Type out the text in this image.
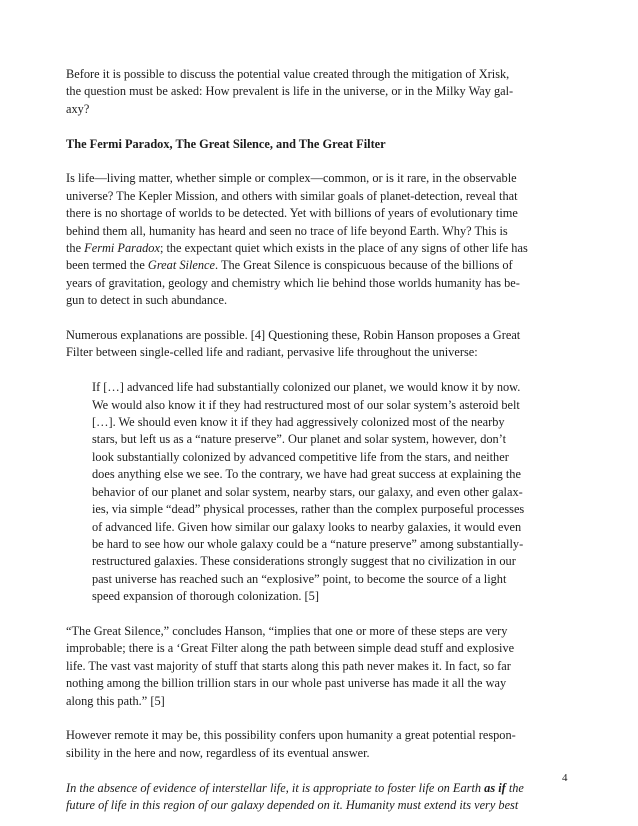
Before it is possible to discuss the potential value created through the mitigation of Xrisk,
the question must be asked: How prevalent is life in the universe, or in the Milky Way gal-
axy?
The Fermi Paradox, The Great Silence, and The Great Filter
Is life—living matter, whether simple or complex—common, or is it rare, in the observable
universe? The Kepler Mission, and others with similar goals of planet-detection, reveal that
there is no shortage of worlds to be detected. Yet with billions of years of evolutionary time
behind them all, humanity has heard and seen no trace of life beyond Earth. Why? This is
the Fermi Paradox; the expectant quiet which exists in the place of any signs of other life has
been termed the Great Silence. The Great Silence is conspicuous because of the billions of
years of gravitation, geology and chemistry which lie behind those worlds humanity has be-
gun to detect in such abundance.
Numerous explanations are possible. [4] Questioning these, Robin Hanson proposes a Great
Filter between single-celled life and radiant, pervasive life throughout the universe:
If […] advanced life had substantially colonized our planet, we would know it by now.
We would also know it if they had restructured most of our solar system’s asteroid belt
[…]. We should even know it if they had aggressively colonized most of the nearby
stars, but left us as a “nature preserve”. Our planet and solar system, however, don’t
look substantially colonized by advanced competitive life from the stars, and neither
does anything else we see. To the contrary, we have had great success at explaining the
behavior of our planet and solar system, nearby stars, our galaxy, and even other galax-
ies, via simple “dead” physical processes, rather than the complex purposeful processes
of advanced life. Given how similar our galaxy looks to nearby galaxies, it would even
be hard to see how our whole galaxy could be a “nature preserve” among substantially-
restructured galaxies. These considerations strongly suggest that no civilization in our
past universe has reached such an “explosive” point, to become the source of a light
speed expansion of thorough colonization. [5]
“The Great Silence,” concludes Hanson, “implies that one or more of these steps are very
improbable; there is a ‘Great Filter along the path between simple dead stuff and explosive
life. The vast vast majority of stuff that starts along this path never makes it. In fact, so far
nothing among the billion trillion stars in our whole past universe has made it all the way
along this path.” [5]
However remote it may be, this possibility confers upon humanity a great potential respon-
sibility in the here and now, regardless of its eventual answer.
In the absence of evidence of interstellar life, it is appropriate to foster life on Earth as if the
future of life in this region of our galaxy depended on it. Humanity must extend its very best
4
